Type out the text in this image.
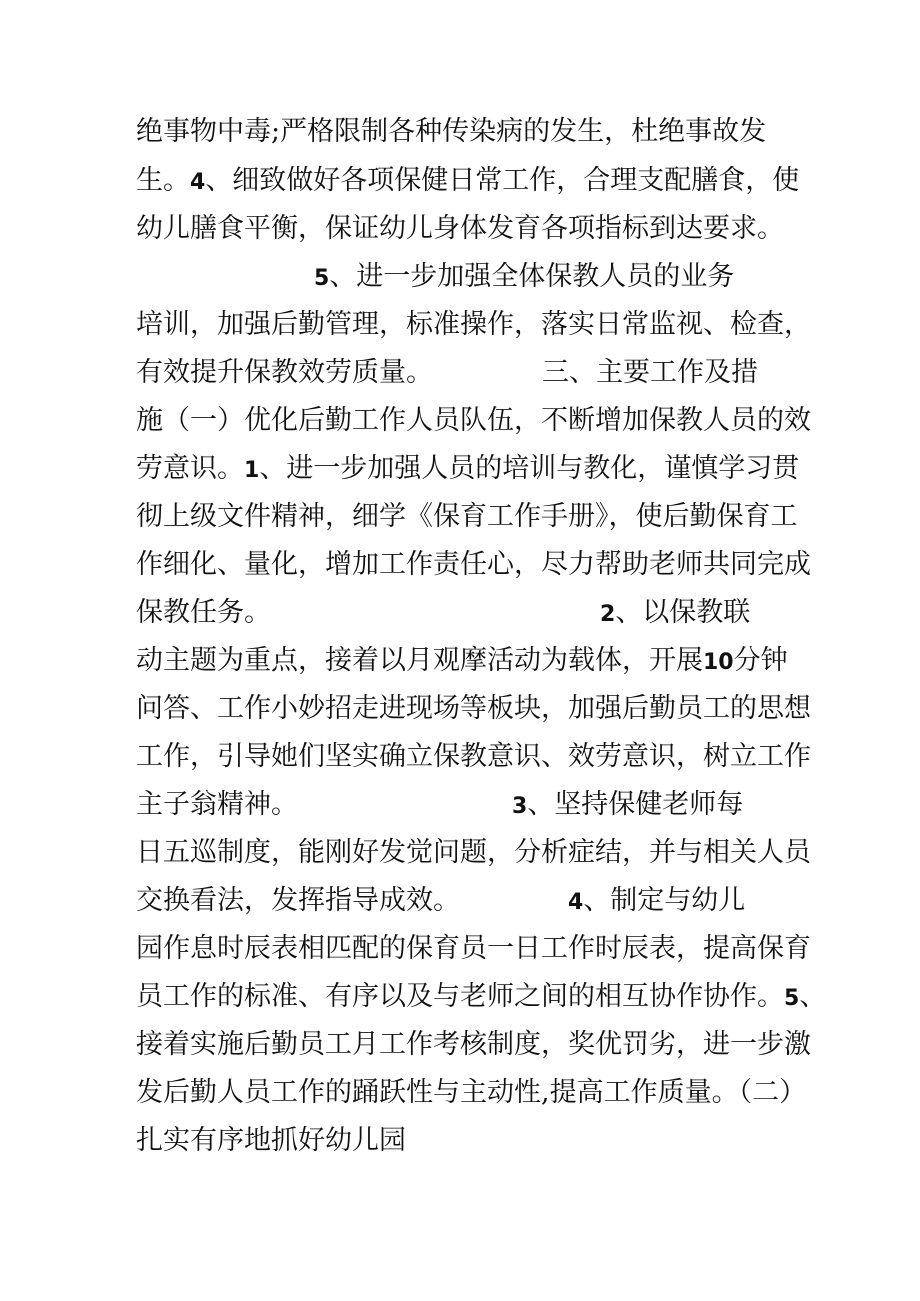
绝事物中毒;严格限制各种传染病的发生，杜绝事故发
生。4、细致做好各项保健日常工作，合理支配膳食，使
幼儿膳食平衡，保证幼儿身体发育各项指标到达要求。
5、进一步加强全体保教人员的业务
培训，加强后勤管理，标准操作，落实日常监视、检查，
有效提升保教效劳质量。	三、主要工作及措
施（一）优化后勤工作人员队伍，不断增加保教人员的效
劳意识。1、进一步加强人员的培训与教化，谨慎学习贯
彻上级文件精神，细学《保育工作手册》，使后勤保育工
作细化、量化，增加工作责任心，尽力帮助老师共同完成
保教任务。	2、以保教联
动主题为重点，接着以月观摩活动为载体，开展10分钟
问答、工作小妙招走进现场等板块，加强后勤员工的思想
工作，引导她们坚实确立保教意识、效劳意识，树立工作
主子翁精神。	3、坚持保健老师每
日五巡制度，能刚好发觉问题，分析症结，并与相关人员
交换看法，发挥指导成效。	4、制定与幼儿
园作息时辰表相匹配的保育员一日工作时辰表，提高保育
员工作的标准、有序以及与老师之间的相互协作协作。5、
接着实施后勤员工月工作考核制度，奖优罚劣，进一步激
发后勤人员工作的踊跃性与主动性,提高工作质量。（二）
扎实有序地抓好幼儿园
